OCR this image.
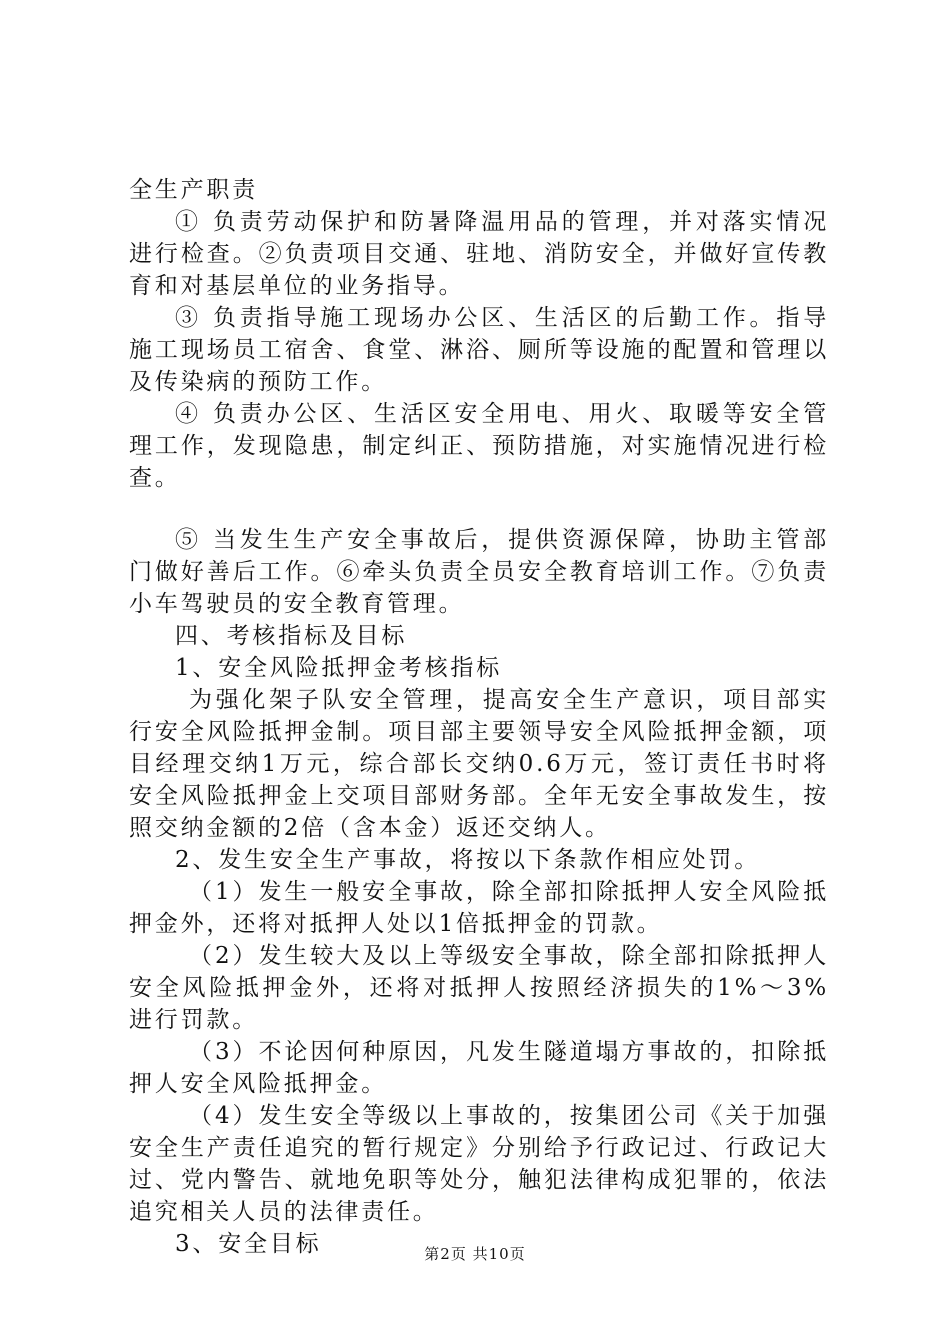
全生产职责

① 负责劳动保护和防暑降温用品的管理，并对落实情况进行检查。②负责项目交通、驻地、消防安全，并做好宣传教育和对基层单位的业务指导。

③ 负责指导施工现场办公区、生活区的后勤工作。指导施工现场员工宿舍、食堂、淋浴、厕所等设施的配置和管理以及传染病的预防工作。

④ 负责办公区、生活区安全用电、用火、取暖等安全管理工作，发现隐患，制定纠正、预防措施，对实施情况进行检查。

⑤ 当发生生产安全事故后，提供资源保障，协助主管部门做好善后工作。⑥牵头负责全员安全教育培训工作。⑦负责小车驾驶员的安全教育管理。

四、考核指标及目标

1、安全风险抵押金考核指标

为强化架子队安全管理，提高安全生产意识，项目部实行安全风险抵押金制。项目部主要领导安全风险抵押金额，项目经理交纳1万元，综合部长交纳0.6万元，签订责任书时将安全风险抵押金上交项目部财务部。全年无安全事故发生，按照交纳金额的2倍（含本金）返还交纳人。

2、发生安全生产事故，将按以下条款作相应处罚。

（1）发生一般安全事故，除全部扣除抵押人安全风险抵押金外，还将对抵押人处以1倍抵押金的罚款。

（2）发生较大及以上等级安全事故，除全部扣除抵押人安全风险抵押金外，还将对抵押人按照经济损失的1%～3%进行罚款。

（3）不论因何种原因，凡发生隧道塌方事故的，扣除抵押人安全风险抵押金。

（4）发生安全等级以上事故的，按集团公司《关于加强安全生产责任追究的暂行规定》分别给予行政记过、行政记大过、党内警告、就地免职等处分，触犯法律构成犯罪的，依法追究相关人员的法律责任。

3、安全目标	第2页 共10页
